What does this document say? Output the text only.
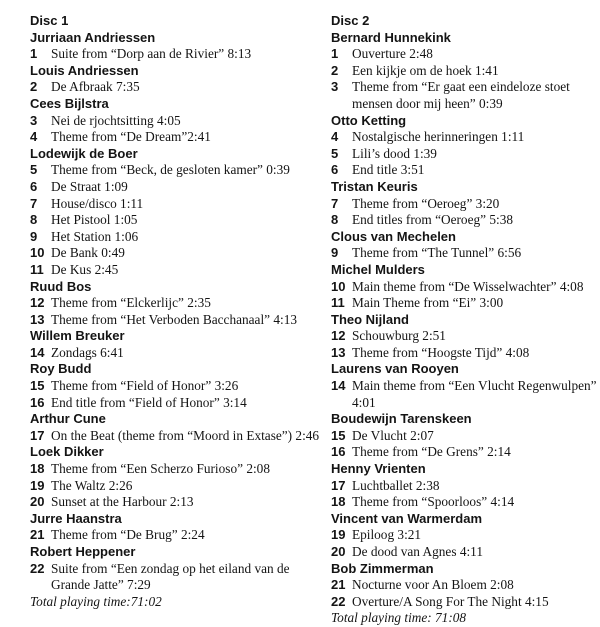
Disc 1
Jurriaan Andriessen
1	Suite from “Dorp aan de Rivier” 8:13
Louis Andriessen
2	De Afbraak 7:35
Cees Bijlstra
3	Nei de rjochtsitting 4:05
4	Theme from “De Dream”2:41
Lodewijk de Boer
5	Theme from “Beck, de gesloten kamer” 0:39
6	De Straat 1:09
7	House/disco 1:11
8	Het Pistool 1:05
9	Het Station 1:06
10 De Bank 0:49
11 De Kus 2:45
Ruud Bos
12 Theme from “Elckerlijc” 2:35
13 Theme from “Het Verboden Bacchanaal” 4:13
Willem Breuker
14 Zondags 6:41
Roy Budd
15 Theme from “Field of Honor” 3:26
16 End title from “Field of Honor” 3:14
Arthur Cune
17 On the Beat (theme from “Moord in Extase”) 2:46
Loek Dikker
18 Theme from “Een Scherzo Furioso” 2:08
19 The Waltz 2:26
20 Sunset at the Harbour 2:13
Jurre Haanstra
21 Theme from “De Brug” 2:24
Robert Heppener
22 Suite from “Een zondag op het eiland van de Grande Jatte” 7:29
Total playing time:71:02
Disc 2
Bernard Hunnekink
1	Ouverture 2:48
2	Een kijkje om de hoek 1:41
3	Theme from “Er gaat een eindeloze stoet mensen door mij heen” 0:39
Otto Ketting
4	Nostalgische herinneringen 1:11
5	Lili’s dood 1:39
6	End title 3:51
Tristan Keuris
7	Theme from “Oeroeg” 3:20
8	End titles from “Oeroeg” 5:38
Clous van Mechelen
9	Theme from “The Tunnel” 6:56
Michel Mulders
10 Main theme from “De Wisselwachter” 4:08
11 Main Theme from “Ei” 3:00
Theo Nijland
12 Schouwburg 2:51
13 Theme from “Hoogste Tijd” 4:08
Laurens van Rooyen
14 Main theme from “Een Vlucht Regenwulpen” 4:01
Boudewijn Tarenskeen
15 De Vlucht 2:07
16 Theme from “De Grens” 2:14
Henny Vrienten
17 Luchtballet 2:38
18 Theme from “Spoorloos” 4:14
Vincent van Warmerdam
19 Epiloog 3:21
20 De dood van Agnes 4:11
Bob Zimmerman
21 Nocturne voor An Bloem 2:08
22 Overture/A Song For The Night 4:15
Total playing time: 71:08
